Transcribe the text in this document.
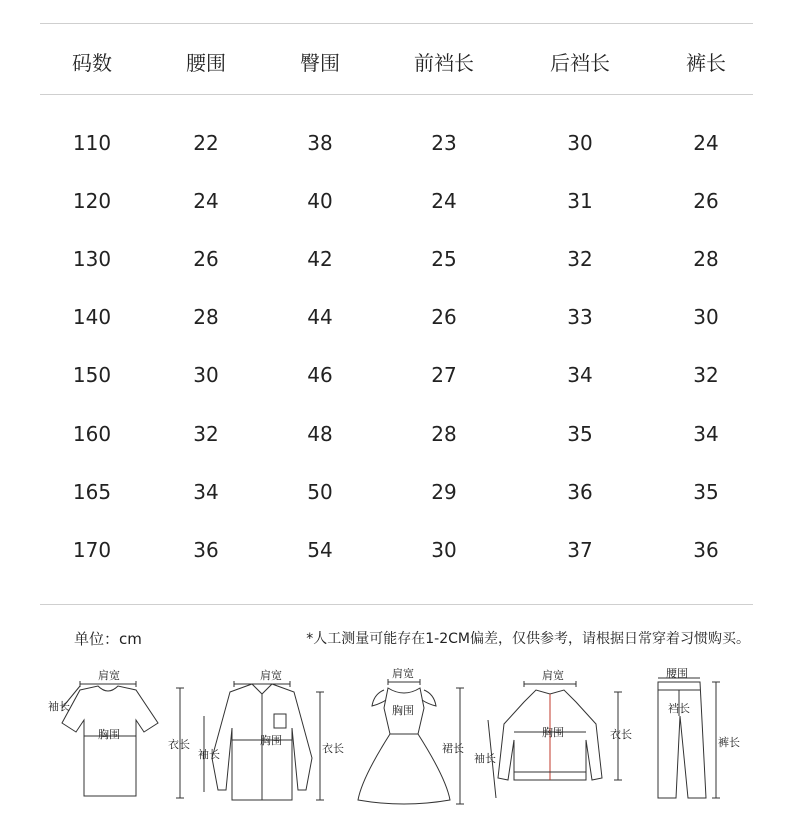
码数	腰围	臀围	前裆长	后裆长	裤长
110	22	38	23	30	24
120	24	40	24	31	26
130	26	42	25	32	28
140	28	44	26	33	30
150	30	46	27	34	32
160	32	48	28	35	34
165	34	50	29	36	35
170	36	54	30	37	36
单位：cm	*人工测量可能存在1-2CM偏差，仅供参考，请根据日常穿着习惯购买。
肩宽
袖长
胸围
衣长
肩宽
袖长
胸围
衣长
肩宽
胸围
裙长
肩宽
袖长
胸围	衣长
腰围
裆长
裤长
